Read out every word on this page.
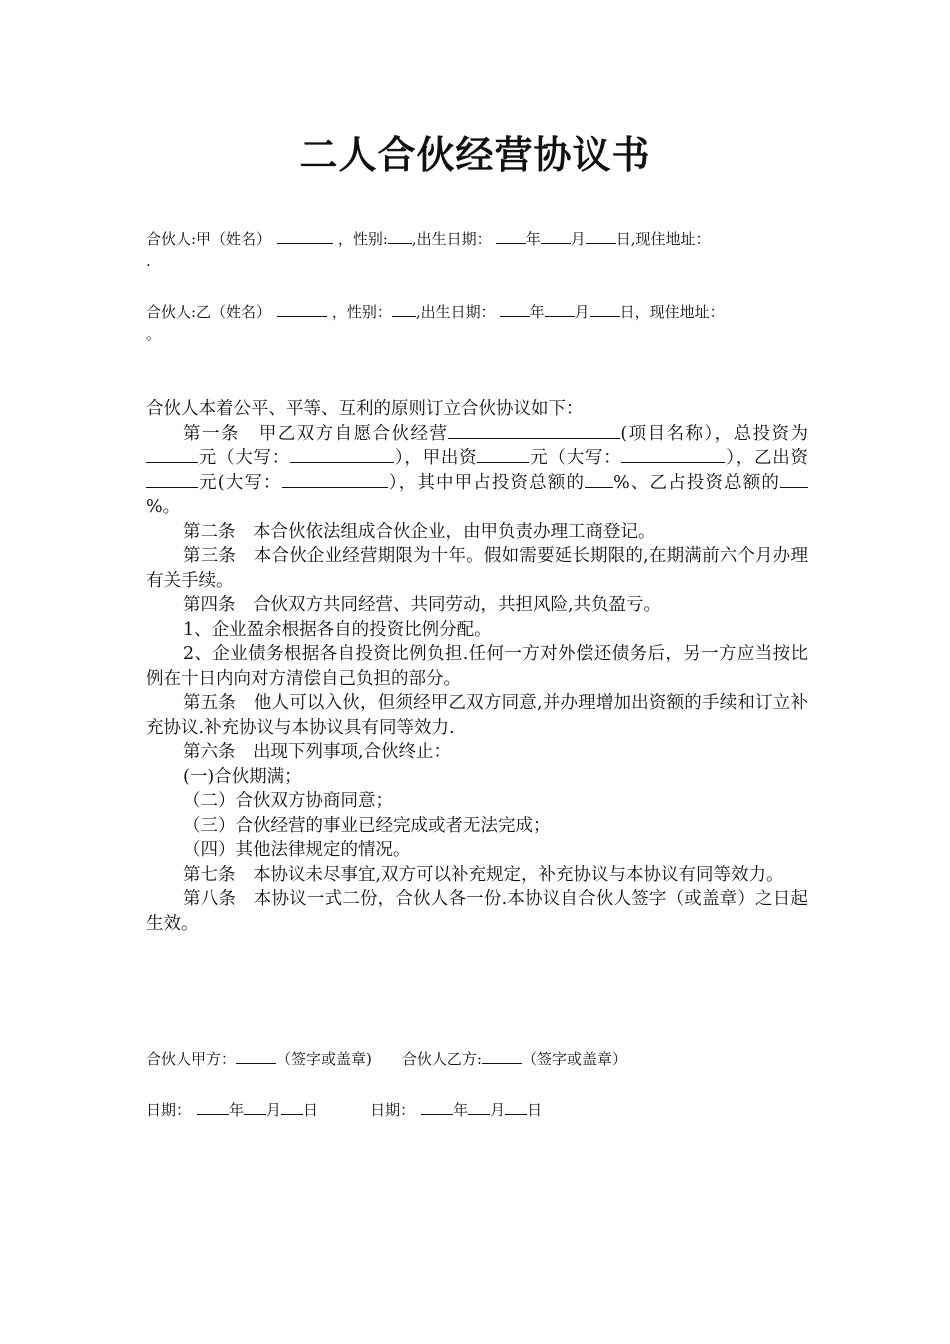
二人合伙经营协议书
合伙人:甲（姓名）	，性别: ,出生日期： 年 月 日,现住地址：
.
合伙人:乙（姓名）	，性别： ,出生日期： 年 月 日，现住地址：
。

合伙人本着公平、平等、互利的原则订立合伙协议如下：

第一条　甲乙双方自愿合伙经营	(项目名称），总投资为元（大写：	），甲出资	元（大写：	），乙出资元(大写：	），其中甲占投资总额的 %、乙占投资总额的%。

第二条　本合伙依法组成合伙企业，由甲负责办理工商登记。

第三条　本合伙企业经营期限为十年。假如需要延长期限的,在期满前六个月办理有关手续。

第四条　合伙双方共同经营、共同劳动，共担风险,共负盈亏。

1、企业盈余根据各自的投资比例分配。

2、企业债务根据各自投资比例负担.任何一方对外偿还债务后，另一方应当按比例在十日内向对方清偿自己负担的部分。

第五条　他人可以入伙，但须经甲乙双方同意,并办理增加出资额的手续和订立补充协议.补充协议与本协议具有同等效力.

第六条　出现下列事项,合伙终止：

(一)合伙期满；

（二）合伙双方协商同意；

（三）合伙经营的事业已经完成或者无法完成；

（四）其他法律规定的情况。

第七条　本协议未尽事宜,双方可以补充规定，补充协议与本协议有同等效力。

第八条　本协议一式二份，合伙人各一份.本协议自合伙人签字（或盖章）之日起生效。

合伙人甲方：	（签字或盖章) 合伙人乙方:	（签字或盖章）
日期：	年 月 日	日期：	年 月 日
